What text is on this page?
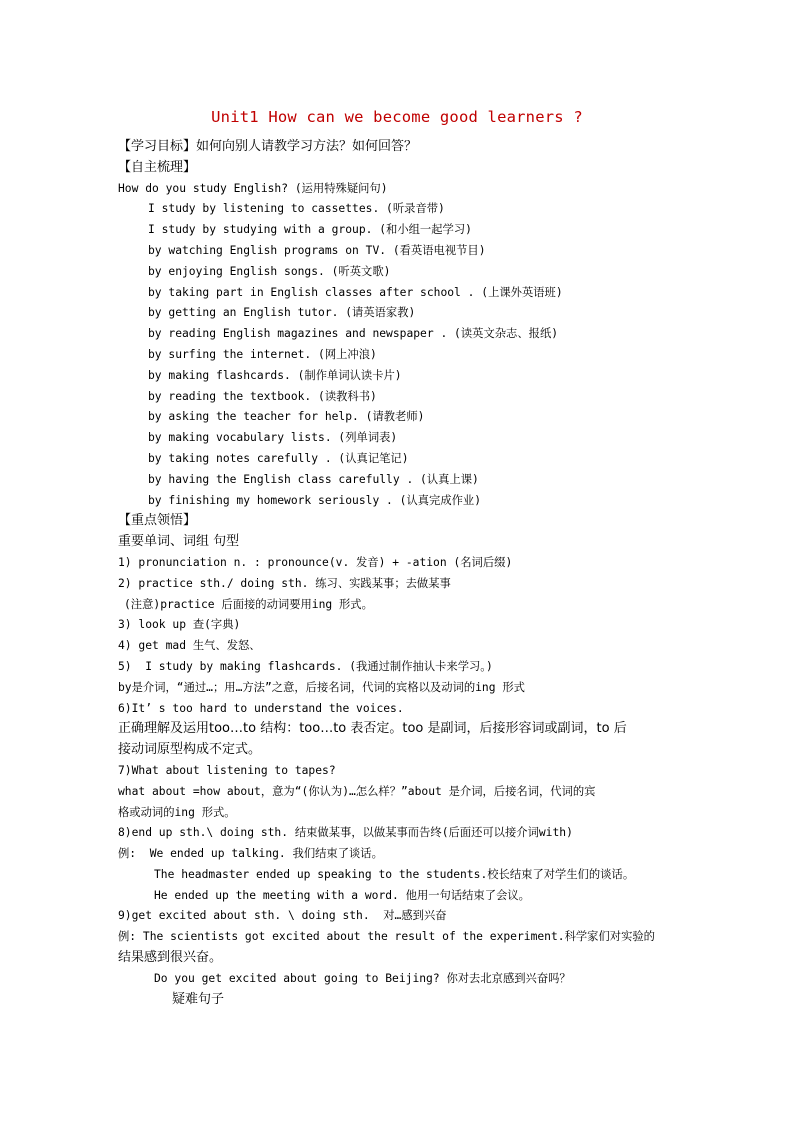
Unit1 How can we become good learners ?
【学习目标】如何向别人请教学习方法？如何回答？
【自主梳理】
How do you study English? (运用特殊疑问句)
I study by listening to cassettes. (听录音带)
I study by studying with a group. (和小组一起学习)
by watching English programs on TV. (看英语电视节目)
by enjoying English songs. (听英文歌)
by taking part in English classes after school . (上课外英语班)
by getting an English tutor. (请英语家教)
by reading English magazines and newspaper . (读英文杂志、报纸)
by surfing the internet. (网上冲浪)
by making flashcards. (制作单词认读卡片)
by reading the textbook. (读教科书)
by asking the teacher for help. (请教老师)
by making vocabulary lists. (列单词表)
by taking notes carefully . (认真记笔记)
by having the English class carefully . (认真上课)
by finishing my homework seriously . (认真完成作业)
【重点领悟】
重要单词、词组 句型
1) pronunciation n. : pronounce(v. 发音) + -ation (名词后缀)
2) practice sth./ doing sth. 练习、实践某事；去做某事
(注意)practice 后面接的动词要用ing 形式。
3) look up 查(字典)
4) get mad 生气、发怒、
5)  I study by making flashcards. (我通过制作抽认卡来学习。)
by是介词，“通过…；用…方法”之意，后接名词，代词的宾格以及动词的ing 形式
6)It’ s too hard to understand the voices.
正确理解及运用too…to 结构：too…to 表否定。too 是副词，后接形容词或副词，to 后
接动词原型构成不定式。
7)What about listening to tapes?
what about =how about，意为“(你认为)…怎么样？”about 是介词，后接名词，代词的宾
格或动词的ing 形式。
8)end up sth.\ doing sth. 结束做某事，以做某事而告终(后面还可以接介词with)
例:  We ended up talking. 我们结束了谈话。
The headmaster ended up speaking to the students.校长结束了对学生们的谈话。
He ended up the meeting with a word. 他用一句话结束了会议。
9)get excited about sth. \ doing sth.  对…感到兴奋
例: The scientists got excited about the result of the experiment.科学家们对实验的
结果感到很兴奋。
Do you get excited about going to Beijing? 你对去北京感到兴奋吗？
疑难句子
